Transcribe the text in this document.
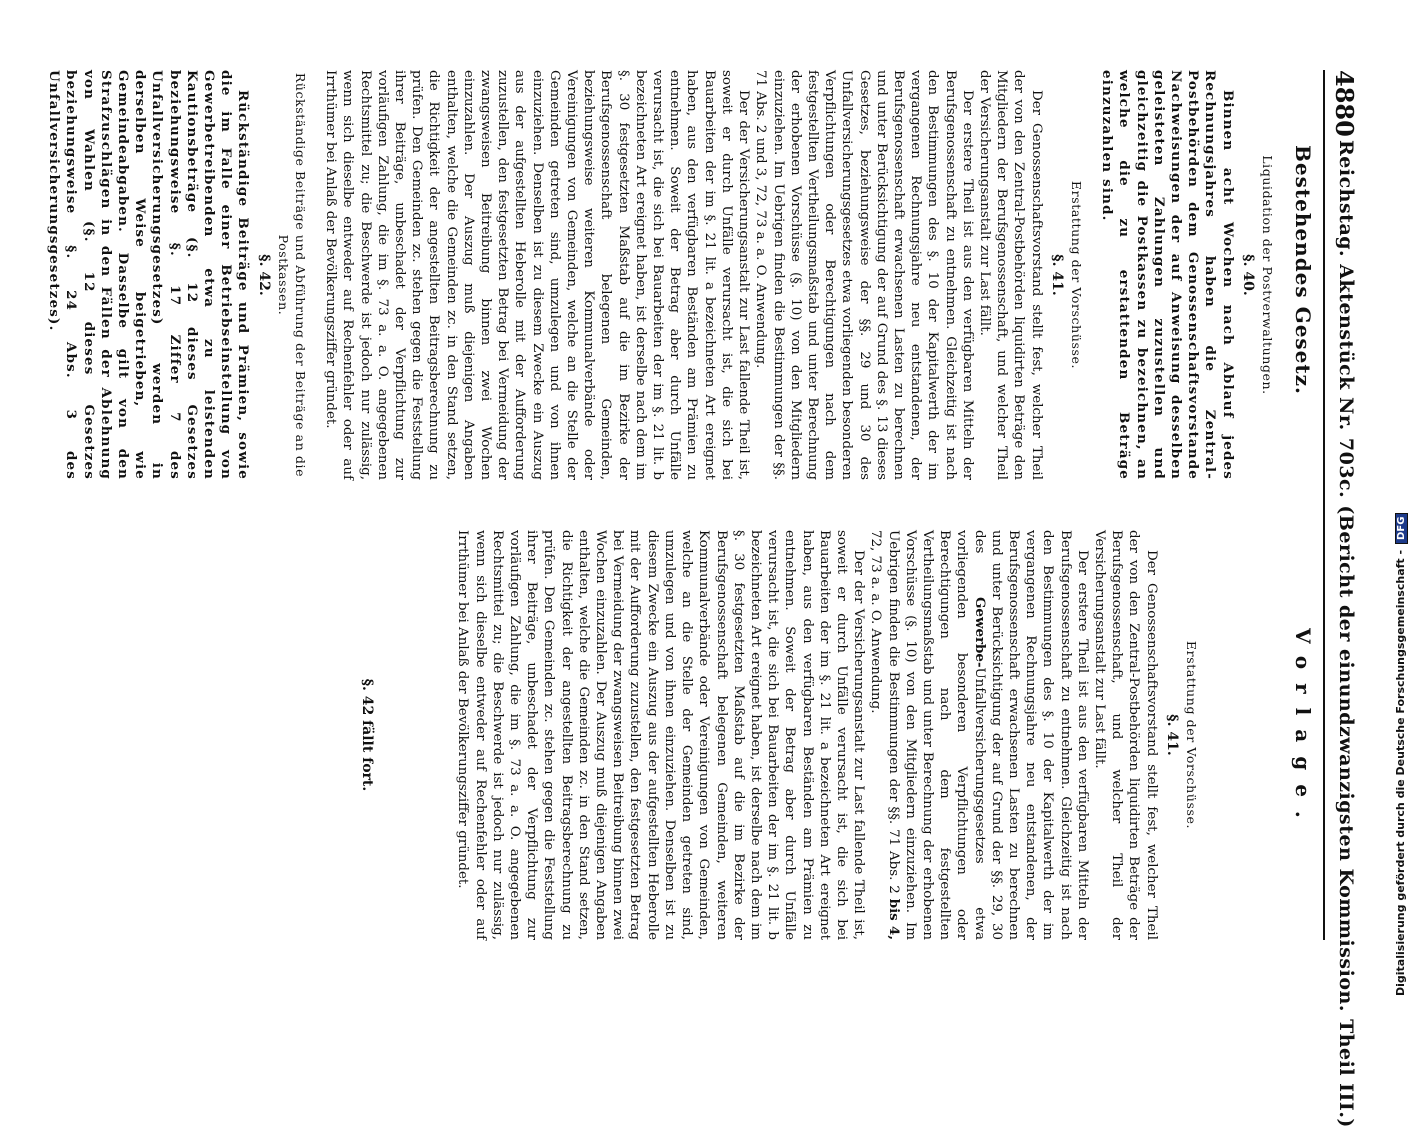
4880
Reichstag. Aktenstück Nr. 703c. (Bericht der einundzwanzigsten Kommission. Theil III.)
Bestehendes Gesetz.
Vorlage.
Liquidation der Postverwaltungen.
§. 40.

Binnen acht Wochen nach Ablauf jedes Rechnungsjahres haben die Zentral-Postbehörden dem Genossenschaftsvorstande Nachweisungen der auf Anweisung desselben geleisteten Zahlungen zuzustellen und gleichzeitig die Postkassen zu bezeichnen, an welche die zu erstattenden Beträge einzuzahlen sind.

Erstattung der Vorschüsse.
§. 41.

Der Genossenschaftsvorstand stellt fest, welcher Theil der von den Zentral-Postbehörden liquidirten Beträge den Mitgliedern der Berufsgenossenschaft, und welcher Theil der Versicherungsanstalt zur Last fällt.

Der erstere Theil ist aus den verfügbaren Mitteln der Berufsgenossenschaft zu entnehmen. Gleichzeitig ist nach den Bestimmungen des §. 10 der Kapitalwerth der im vergangenen Rechnungsjahre neu entstandenen, der Berufsgenossenschaft erwachsenen Lasten zu berechnen und unter Berücksichtigung der auf Grund des §. 13 dieses Gesetzes, beziehungsweise der §§. 29 und 30 des Unfallversicherungsgesetzes etwa vorliegenden besonderen Verpflichtungen oder Berechtigungen nach dem festgestellten Vertheilungsmaßstab und unter Berechnung der erhobenen Vorschüsse (§. 10) von den Mitgliedern einzuziehen. Im Uebrigen finden die Bestimmungen der §§. 71 Abs. 2 und 3, 72, 73 a. a. O. Anwendung.

Der der Versicherungsanstalt zur Last fallende Theil ist, soweit er durch Unfälle verursacht ist, die sich bei Bauarbeiten der im §. 21 lit. a bezeichneten Art ereignet haben, aus den verfügbaren Beständen am Prämien zu entnehmen. Soweit der Betrag aber durch Unfälle verursacht ist, die sich bei Bauarbeiten der im §. 21 lit. b bezeichneten Art ereignet haben, ist derselbe nach dem im §. 30 festgesetzten Maßstab auf die im Bezirke der Berufsgenossenschaft belegenen Gemeinden, beziehungsweise weiteren Kommunalverbände oder Vereinigungen von Gemeinden, welche an die Stelle der Gemeinden getreten sind, umzulegen und von ihnen einzuziehen. Denselben ist zu diesem Zwecke ein Auszug aus der aufgestellten Heberolle mit der Aufforderung zuzustellen, den festgesetzten Betrag bei Vermeidung der zwangsweisen Beitreibung binnen zwei Wochen einzuzahlen. Der Auszug muß diejenigen Angaben enthalten, welche die Gemeinden zc. in den Stand setzen, die Richtigkeit der angestellten Beitragsberechnung zu prüfen. Den Gemeinden zc. stehen gegen die Feststellung ihrer Beiträge, unbeschadet der Verpflichtung zur vorläufigen Zahlung, die im §. 73 a. a. O. angegebenen Rechtsmittel zu; die Beschwerde ist jedoch nur zulässig, wenn sich dieselbe entweder auf Rechenfehler oder auf Irrthümer bei Anlaß der Bevölkerungsziffer gründet.

Rückständige Beiträge und Abführung der Beiträge an die Postkassen.
§. 42.

Rückständige Beiträge und Prämien, sowie die im Falle einer Betriebseinstellung von Gewerbetreibenden etwa zu leistenden Kautionsbeträge (§. 12 dieses Gesetzes beziehungsweise §. 17 Ziffer 7 des Unfallversicherungsgesetzes) werden in derselben Weise beigetrieben, wie Gemeindeabgaben. Dasselbe gilt von den Strafzuschlägen in den Fällen der Ablehnung von Wahlen (§. 12 dieses Gesetzes beziehungsweise §. 24 Abs. 3 des Unfallversicherungsgesetzes).

Erstattung der Vorschüsse.
§. 41.

Der Genossenschaftsvorstand stellt fest, welcher Theil der von den Zentral-Postbehörden liquidirten Beträge der Berufsgenossenschaft, und welcher Theil der Versicherungsanstalt zur Last fällt.

Der erstere Theil ist aus den verfügbaren Mitteln der Berufsgenossenschaft zu entnehmen. Gleichzeitig ist nach den Bestimmungen des §. 10 der Kapitalwerth der im vergangenen Rechnungsjahre neu entstandenen, der Berufsgenossenschaft erwachsenen Lasten zu berechnen und unter Berücksichtigung der auf Grund der §§. 29, 30 des Gewerbe-Unfallversicherungsgesetzes etwa vorliegenden besonderen Verpflichtungen oder Berechtigungen nach dem festgestellten Vertheilungsmaßstab und unter Berechnung der erhobenen Vorschüsse (§. 10) von den Mitgliedern einzuziehen. Im Uebrigen finden die Bestimmungen der §§. 71 Abs. 2 bis 4, 72, 73 a. a. O. Anwendung.

Der der Versicherungsanstalt zur Last fallende Theil ist, soweit er durch Unfälle verursacht ist, die sich bei Bauarbeiten der im §. 21 lit. a bezeichneten Art ereignet haben, aus den verfügbaren Beständen am Prämien zu entnehmen. Soweit der Betrag aber durch Unfälle verursacht ist, die sich bei Bauarbeiten der im §. 21 lit. b bezeichneten Art ereignet haben, ist derselbe nach dem im §. 30 festgesetzten Maßstab auf die im Bezirke der Berufsgenossenschaft belegenen Gemeinden, weiteren Kommunalverbände oder Vereinigungen von Gemeinden, welche an die Stelle der Gemeinden getreten sind, umzulegen und von ihnen einzuziehen. Denselben ist zu diesem Zwecke ein Auszug aus der aufgestellten Heberolle mit der Aufforderung zuzustellen, den festgesetzten Betrag bei Vermeidung der zwangsweisen Beitreibung binnen zwei Wochen einzuzahlen. Der Auszug muß diejenigen Angaben enthalten, welche die Gemeinden zc. in den Stand setzen, die Richtigkeit der angestellten Beitragsberechnung zu prüfen. Den Gemeinden zc. stehen gegen die Feststellung ihrer Beiträge, unbeschadet der Verpflichtung zur vorläufigen Zahlung, die im §. 73 a. a. O. angegebenen Rechtsmittel zu; die Beschwerde ist jedoch nur zulässig, wenn sich dieselbe entweder auf Rechenfehler oder auf Irrthümer bei Anlaß der Bevölkerungsziffer gründet.

§. 42 fällt fort.	Digitalisierung gefördert durch die Deutsche Forschungsgemeinschaft -DFG
